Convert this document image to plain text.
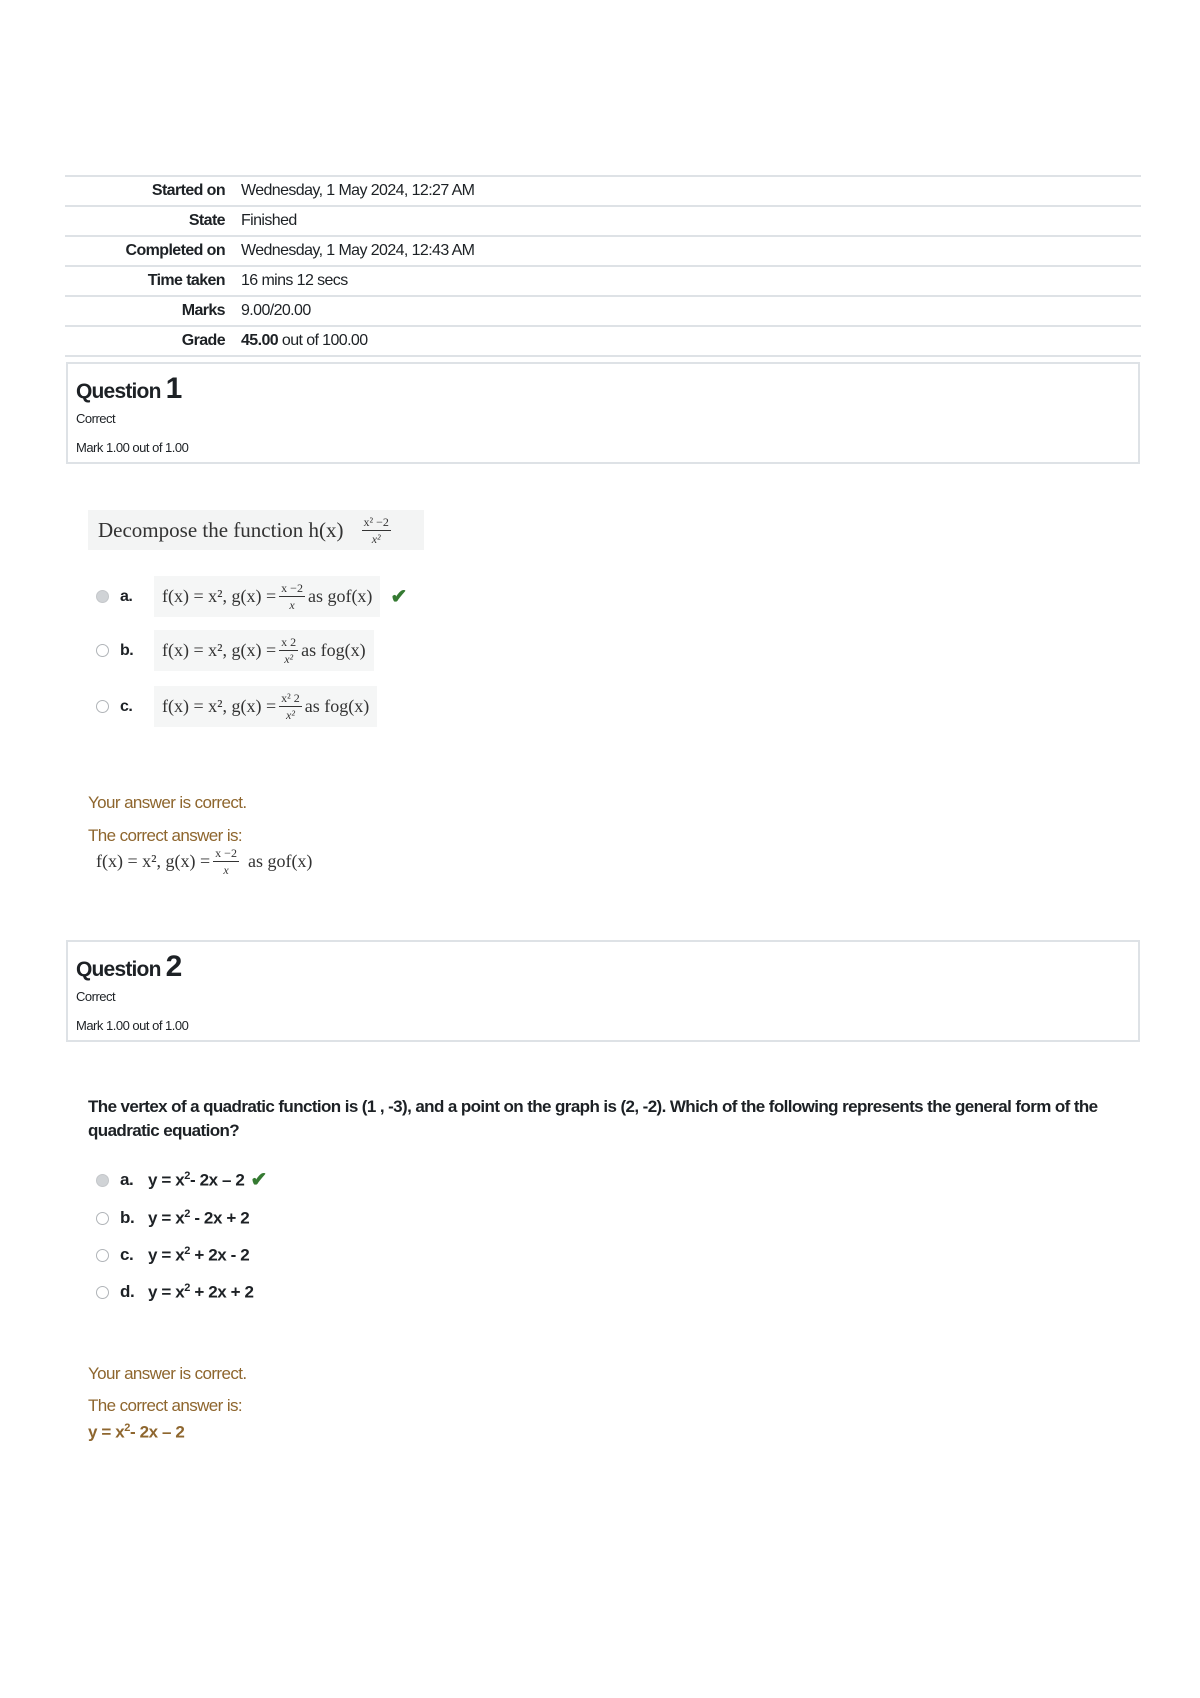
Started on	Wednesday, 1 May 2024, 12:27 AM
State	Finished
Completed on	Wednesday, 1 May 2024, 12:43 AM
Time taken	16 mins 12 secs
Marks	9.00/20.00
Grade	45.00 out of 100.00
Question 1
Correct
Mark 1.00 out of 1.00
Decompose the function $h(x) \frac{\text{x² −2}}{\text{x²}}$
a.	f(x) = x², $g(x) = \frac{x -2}{x}$ as gof(x) ✔
b.	f(x) = x², $g(x) = \frac{x 2}{\text{x²}}$ as fog(x)
c.	f(x) = x², $g(x) = \frac{\text{x² 2}}{\text{x²}}$ as fog(x)
Your answer is correct.
The correct answer is:
f(x) = x², $g(x) = \frac{x -2}{x}$ as gof(x)
Question 2
Correct
Mark 1.00 out of 1.00
The vertex of a quadratic function is (1 , -3), and a point on the graph is (2, -2). Which of the following represents the general form of the quadratic equation?
a. $y = x^2-$ 2x – 2 ✔
b. $y = x^2 - 2x + 2$
c. $y = x^2 + 2x - 2$
d. $y = x^2 + 2x + 2$
Your answer is correct.
The correct answer is:
$y = x^2-$ 2x – 2
